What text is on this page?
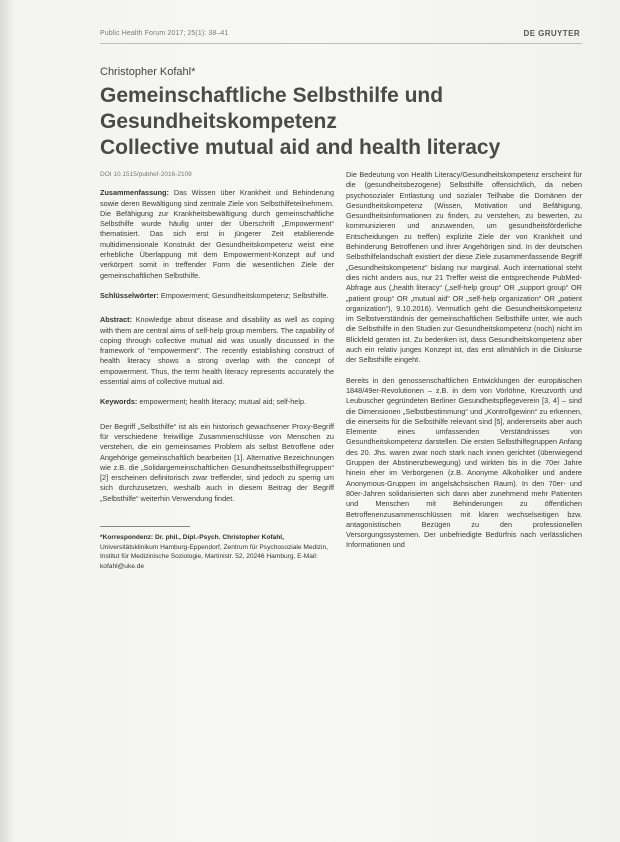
Public Health Forum 2017; 25(1): 38–41	DE GRUYTER
Christopher Kofahl*
Gemeinschaftliche Selbsthilfe und Gesundheitskompetenz
Collective mutual aid and health literacy
DOI 10.1515/pubhef-2016-2109

Zusammenfassung: Das Wissen über Krankheit und Behinderung sowie deren Bewältigung sind zentrale Ziele von Selbsthilfeteilnehmern. Die Befähigung zur Krankheitsbewältigung durch gemeinschaftliche Selbsthilfe wurde häufig unter der Überschrift „Empowerment“ thematisiert. Das sich erst in jüngerer Zeit etablierende multidimensionale Konstrukt der Gesundheitskompetenz weist eine erhebliche Überlappung mit dem Empowerment-Konzept auf und verkörpert somit in treffender Form die wesentlichen Ziele der gemeinschaftlichen Selbsthilfe.

Schlüsselwörter: Empowerment; Gesundheitskompetenz; Selbsthilfe.

Abstract: Knowledge about disease and disability as well as coping with them are central aims of self-help group members. The capability of coping through collective mutual aid was usually discussed in the framework of “empowerment”. The recently establishing construct of health literacy shows a strong overlap with the concept of empowerment. Thus, the term health literacy represents accurately the essential aims of collective mutual aid.

Keywords: empowerment; health literacy; mutual aid; self-help.

Der Begriff „Selbsthilfe“ ist als ein historisch gewachsener Proxy-Begriff für verschiedene freiwillige Zusammenschlüsse von Menschen zu verstehen, die ein gemeinsames Problem als selbst Betroffene oder Angehörige gemeinschaftlich bearbeiten [1]. Alternative Bezeichnungen wie z.B. die „Solidargemeinschaftlichen Gesundheitsselbsthilfegruppen“ [2] erscheinen definitorisch zwar treffender, sind jedoch zu sperrig um sich durchzusetzen, weshalb auch in diesem Beitrag der Begriff „Selbsthilfe“ weiterhin Verwendung findet.

*Korrespondenz: Dr. phil., Dipl.-Psych. Christopher Kofahl, Universitätsklinikum Hamburg-Eppendorf, Zentrum für Psychosoziale Medizin, Institut für Medizinische Soziologie, Martinistr. 52, 20246 Hamburg, E-Mail: kofahl@uke.de

Die Bedeutung von Health Literacy/Gesundheitskompetenz erscheint für die (gesundheitsbezogene) Selbsthilfe offensichtlich, da neben psychosozialer Entlastung und sozialer Teilhabe die Domänen der Gesundheitskompetenz (Wissen, Motivation und Befähigung, Gesundheitsinformationen zu finden, zu verstehen, zu bewerten, zu kommunizieren und anzuwenden, um gesundheitsförderliche Entscheidungen zu treffen) explizite Ziele der von Krankheit und Behinderung Betroffenen und ihrer Angehörigen sind. In der deutschen Selbsthilfelandschaft existiert der diese Ziele zusammenfassende Begriff „Gesundheitskompetenz“ bislang nur marginal. Auch international steht dies nicht anders aus, nur 21 Treffer weist die entsprechende PubMed-Abfrage aus („health literacy“ („self-help group“ OR „support group“ OR „patient group“ OR „mutual aid“ OR „self-help organization“ OR „patient organization“), 9.10.2016). Vermutlich geht die Gesundheitskompetenz im Selbstverständnis der gemeinschaftlichen Selbsthilfe unter, wie auch die Selbsthilfe in den Studien zur Gesundheitskompetenz (noch) nicht im Blickfeld geraten ist. Zu bedenken ist, dass Gesundheitskompetenz aber auch ein relativ junges Konzept ist, das erst allmählich in die Diskurse der Selbsthilfe eingeht.

Bereits in den genossenschaftlichen Entwicklungen der europäischen 1848/49er-Revolutionen – z.B. in dem von Vorlöhne, Kreuzvorth und Leubuscher gegründeten Berliner Gesundheitspflegeverein [3, 4] – sind die Dimensionen „Selbstbestimmung“ und „Kontrollgewinn“ zu erkennen, die einerseits für die Selbsthilfe relevant sind [5], andererseits aber auch Elemente eines umfassenden Verständnisses von Gesundheitskompetenz darstellen. Die ersten Selbsthilfegruppen Anfang des 20. Jhs. waren zwar noch stark nach innen gerichtet (überwiegend Gruppen der Abstinenzbewegung) und wirkten bis in die 70er Jahre hinein eher im Verborgenen (z.B. Anonyme Alkoholiker und andere Anonymous-Gruppen im angelsächsischen Raum). In den 70er- und 80er-Jahren solidarisierten sich dann aber zunehmend mehr Patienten und Menschen mit Behinderungen zu öffentlichen Betroffenenzusammenschlüssen mit klaren wechselseitigen bzw. antagonistischen Bezügen zu den professionellen Versorgungssystemen. Der unbefriedigte Bedürfnis nach verlässlichen Informationen und
